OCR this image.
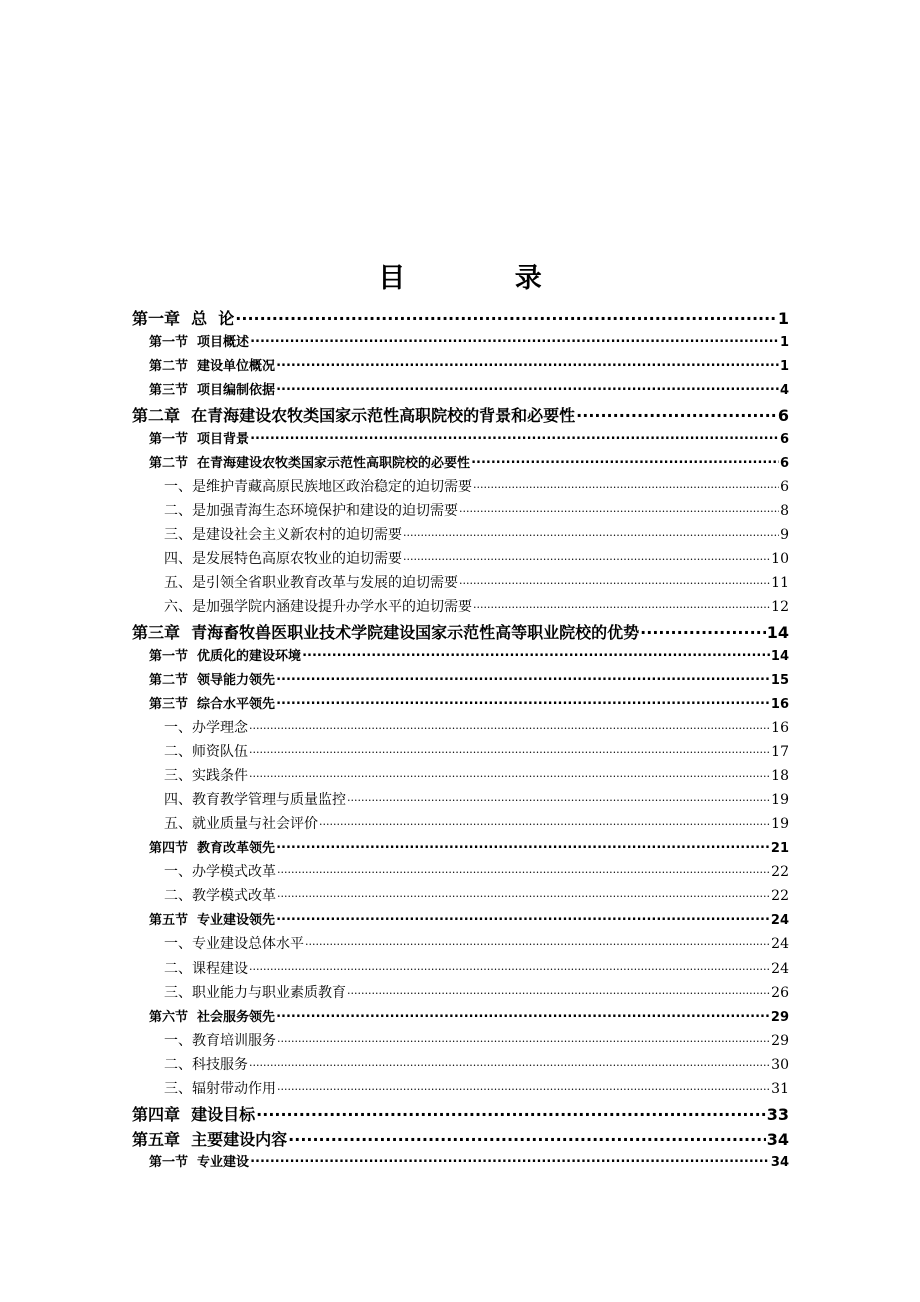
目 录
第一章  总  论 .....	1
第一节  项目概述 .....	1
第二节  建设单位概况 .....	1
第三节  项目编制依据 .....	4
第二章  在青海建设农牧类国家示范性高职院校的背景和必要性 .....	6
第一节  项目背景 .....	6
第二节  在青海建设农牧类国家示范性高职院校的必要性 .....	6
一、是维护青藏高原民族地区政治稳定的迫切需要 .....	6
二、是加强青海生态环境保护和建设的迫切需要 .....	8
三、是建设社会主义新农村的迫切需要 .....	9
四、是发展特色高原农牧业的迫切需要 .....	10
五、是引领全省职业教育改革与发展的迫切需要 .....	11
六、是加强学院内涵建设提升办学水平的迫切需要 .....	12
第三章  青海畜牧兽医职业技术学院建设国家示范性高等职业院校的优势 .....	14
第一节  优质化的建设环境 .....	14
第二节  领导能力领先 .....	15
第三节  综合水平领先 .....	16
一、办学理念 .....	16
二、师资队伍 .....	17
三、实践条件 .....	18
四、教育教学管理与质量监控 .....	19
五、就业质量与社会评价 .....	19
第四节  教育改革领先 .....	21
一、办学模式改革 .....	22
二、教学模式改革 .....	22
第五节  专业建设领先 .....	24
一、专业建设总体水平 .....	24
二、课程建设 .....	24
三、职业能力与职业素质教育 .....	26
第六节  社会服务领先 .....	29
一、教育培训服务 .....	29
二、科技服务 .....	30
三、辐射带动作用 .....	31
第四章  建设目标 .....	33
第五章  主要建设内容 .....	34
第一节  专业建设 .....	34
